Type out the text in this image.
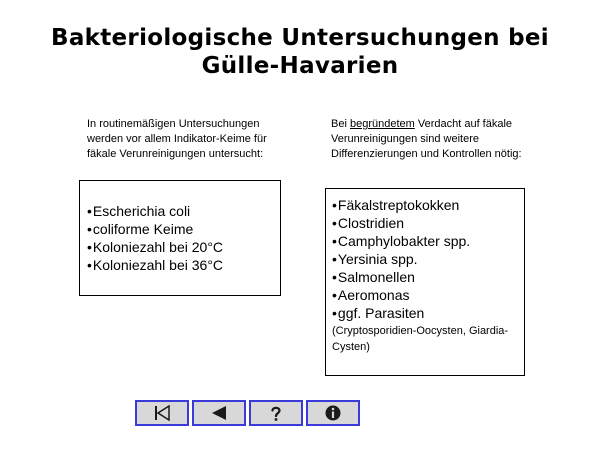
Bakteriologische Untersuchungen bei
Gülle-Havarien
In routinemäßigen Untersuchungen werden vor allem Indikator-Keime für fäkale Verunreinigungen untersucht:
Bei begründetem Verdacht auf fäkale Verunreinigungen sind weitere Differenzierungen und Kontrollen nötig:
•Escherichia coli
•coliforme Keime
•Koloniezahl bei 20°C
•Koloniezahl bei 36°C
•Fäkalstreptokokken
•Clostridien
•Camphylobakter spp.
•Yersinia spp.
•Salmonellen
•Aeromonas
•ggf. Parasiten
(Cryptosporidien-Oocysten, Giardia-Cysten)
